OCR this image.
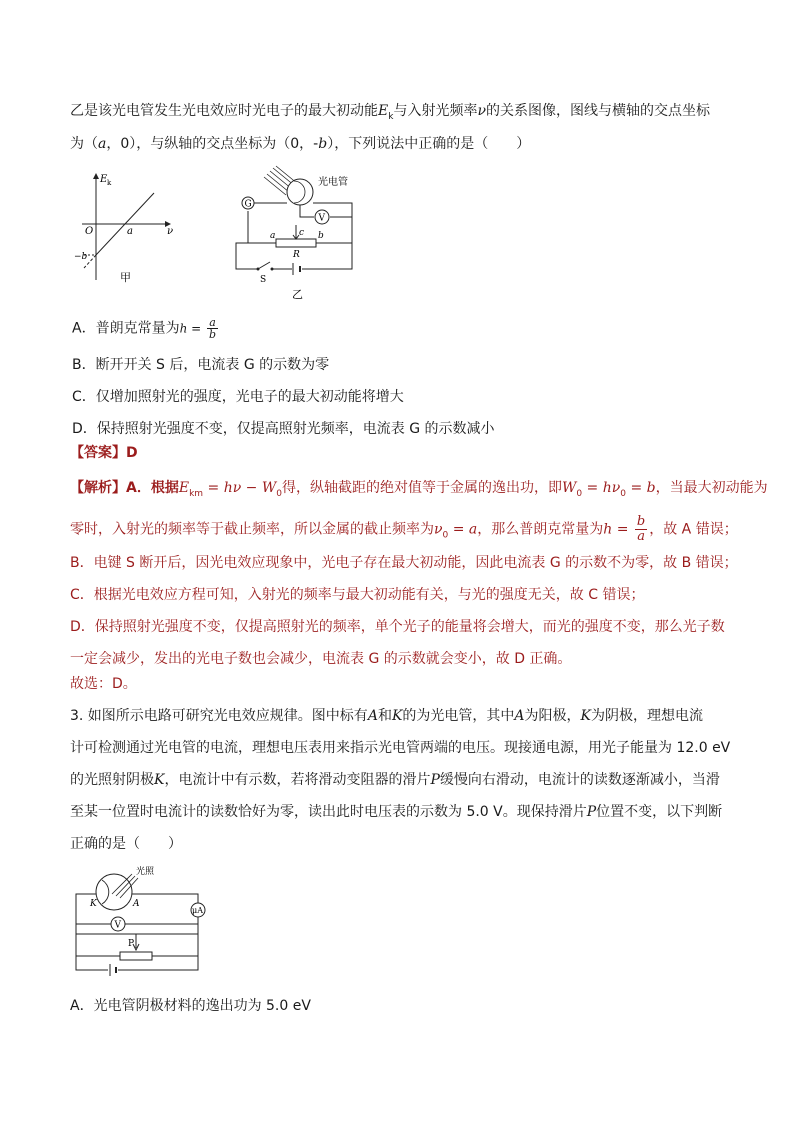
乙是该光电管发生光电效应时光电子的最大初动能$E_k$与入射光频率ν的关系图像，图线与横轴的交点坐标
为（a，0），与纵轴的交点坐标为（0，-b），下列说法中正确的是（　　）
E k
O	a	ν
−b
甲
光电管
G
V
a	c b
R
S
乙
A．普朗克常量为$h = \frac{a}{b}$
B．断开开关 S 后，电流表 G 的示数为零
C．仅增加照射光的强度，光电子的最大初动能将增大
D．保持照射光强度不变，仅提高照射光频率，电流表 G 的示数减小
【答案】D
【解析】A．根据$E_{km} = h\nu - W_0$得，纵轴截距的绝对值等于金属的逸出功，即$W_0 = h\nu_0 = b$，当最大初动能为
零时，入射光的频率等于截止频率，所以金属的截止频率为$\nu_0 = a$，那么普朗克常量为$h = \frac{b}{a}$ ，故 A 错误；
B．电键 S 断开后，因光电效应现象中，光电子存在最大初动能，因此电流表 G 的示数不为零，故 B 错误；
C．根据光电效应方程可知，入射光的频率与最大初动能有关，与光的强度无关，故 C 错误；
D．保持照射光强度不变，仅提高照射光的频率，单个光子的能量将会增大，而光的强度不变，那么光子数
一定会减少，发出的光电子数也会减少，电流表 G 的示数就会变小，故 D 正确。
故选：D。
3. 如图所示电路可研究光电效应规律。图中标有A和K的为光电管，其中A为阳极，K为阴极，理想电流
计可检测通过光电管的电流，理想电压表用来指示光电管两端的电压。现接通电源，用光子能量为 12.0 eV
的光照射阴极K，电流计中有示数，若将滑动变阻器的滑片P缓慢向右滑动，电流计的读数逐渐减小，当滑
至某一位置时电流计的读数恰好为零，读出此时电压表的示数为 5.0 V。现保持滑片P位置不变，以下判断
正确的是（　　）
光照
K	A
μA
V
P
A．光电管阴极材料的逸出功为 5.0 eV
